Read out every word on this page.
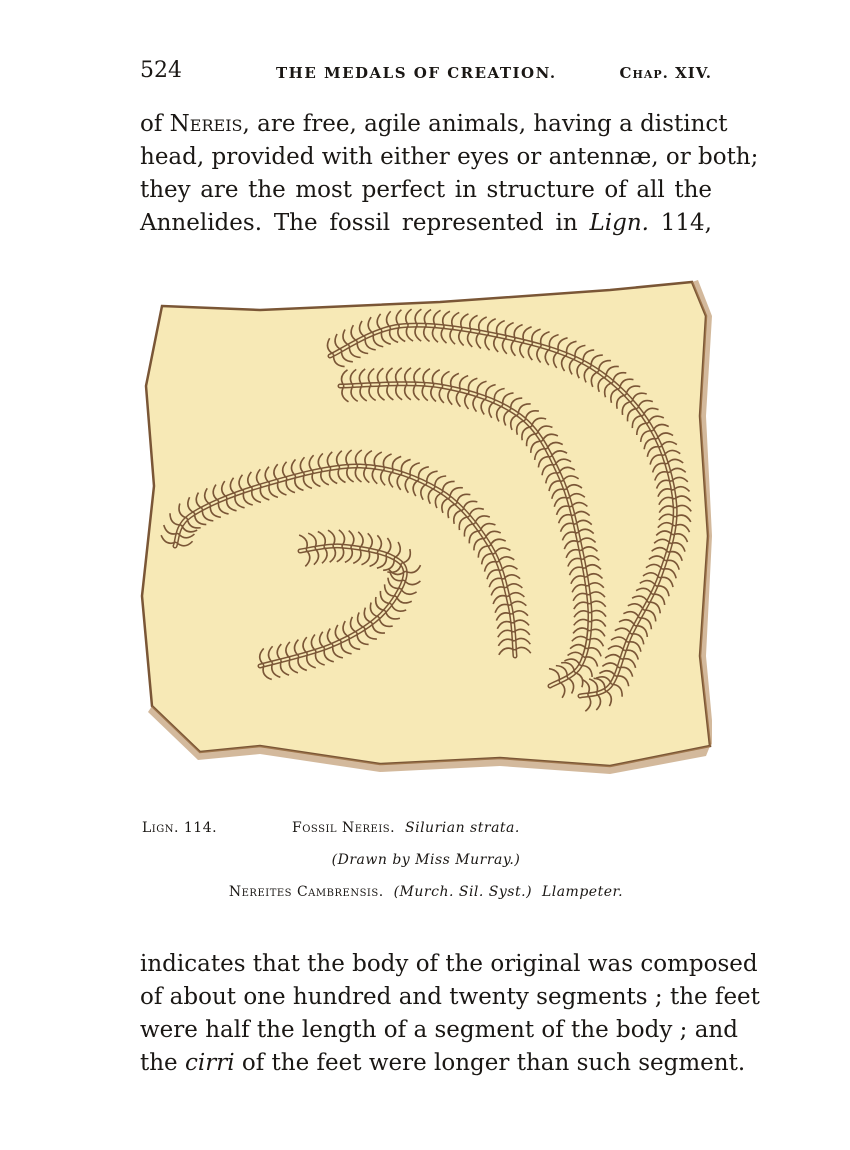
524	THE MEDALS OF CREATION.	Chap. XIV.
of Nereis, are free, agile animals, having a distinct
head, provided with either eyes or antennæ, or both;
they are the most perfect in structure of all the
Annelides. The fossil represented in Lign. 114,
Lign. 114.	Fossil Nereis. Silurian strata.
(Drawn by Miss Murray.)
Nereites Cambrensis. (Murch. Sil. Syst.) Llampeter.
indicates that the body of the original was composed
of about one hundred and twenty segments ; the feet
were half the length of a segment of the body ; and
the cirri of the feet were longer than such segment.
